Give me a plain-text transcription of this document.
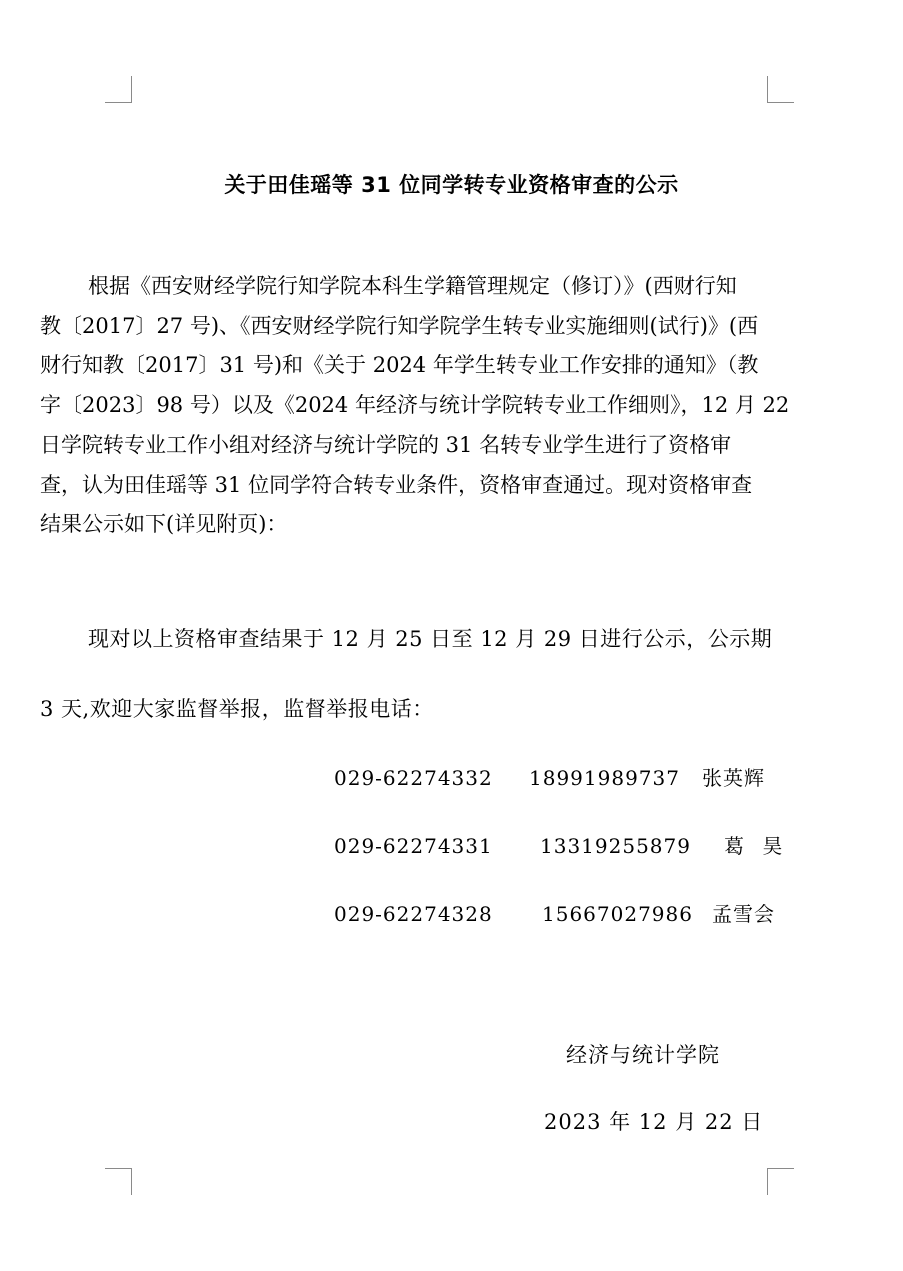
关于田佳瑶等 31 位同学转专业资格审查的公示
根据《西安财经学院行知学院本科生学籍管理规定（修订）》(西财行知
教〔2017〕27 号)、《西安财经学院行知学院学生转专业实施细则(试行)》(西
财行知教〔2017〕31 号)和《关于 2024 年学生转专业工作安排的通知》（教
字〔2023〕98 号）以及《2024 年经济与统计学院转专业工作细则》，12 月 22
日学院转专业工作小组对经济与统计学院的 31 名转专业学生进行了资格审
查，认为田佳瑶等 31 位同学符合转专业条件，资格审查通过。现对资格审查
结果公示如下(详见附页)：
现对以上资格审查结果于 12 月 25 日至 12 月 29 日进行公示，公示期
3 天,欢迎大家监督举报，监督举报电话：
029-62274332 18991989737 张英辉
029-62274331 13319255879 葛 昊
029-62274328 15667027986 孟雪会
经济与统计学院
2023 年 12 月 22 日
